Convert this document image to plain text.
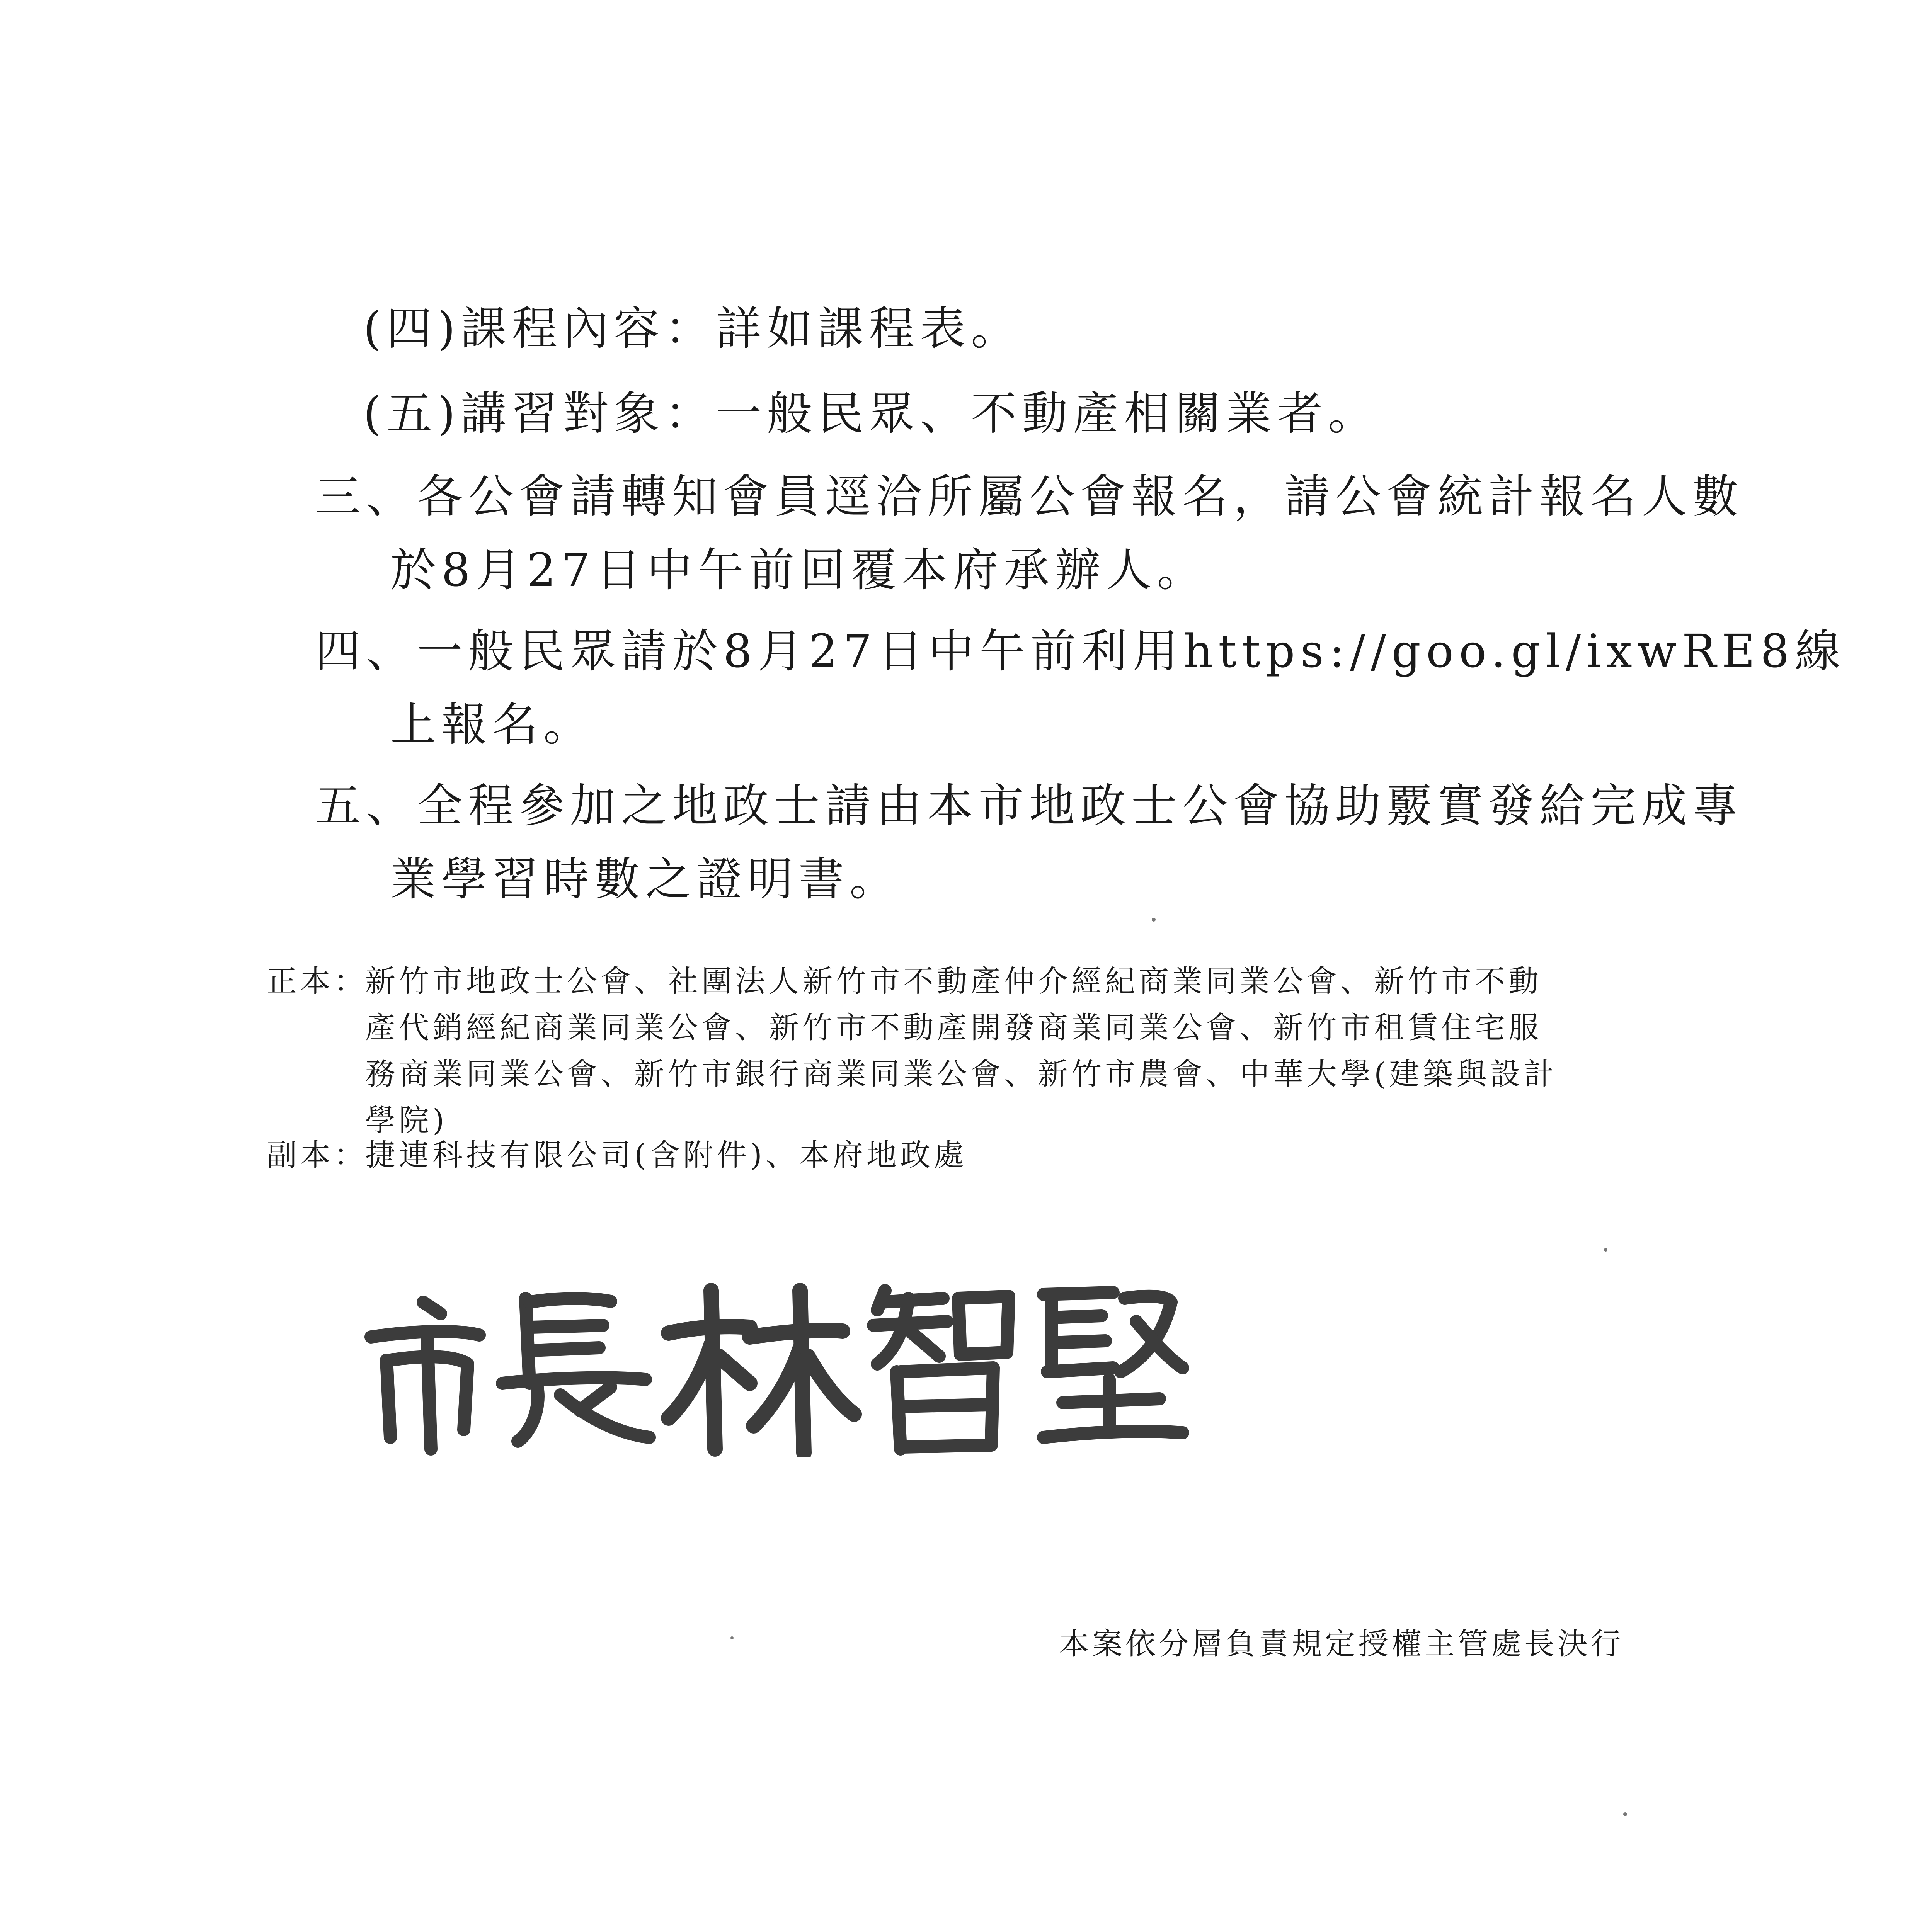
(四)課程內容：詳如課程表。
(五)講習對象：一般民眾、不動產相關業者。
三、各公會請轉知會員逕洽所屬公會報名，請公會統計報名人數
於8月27日中午前回覆本府承辦人。
四、一般民眾請於8月27日中午前利用https://goo.gl/ixwRE8線
上報名。
五、全程參加之地政士請由本市地政士公會協助覈實發給完成專
業學習時數之證明書。
正本：
新竹市地政士公會、社團法人新竹市不動產仲介經紀商業同業公會、新竹市不動
產代銷經紀商業同業公會、新竹市不動產開發商業同業公會、新竹市租賃住宅服
務商業同業公會、新竹市銀行商業同業公會、新竹市農會、中華大學(建築與設計
學院)
副本：
捷連科技有限公司(含附件)、本府地政處
本案依分層負責規定授權主管處長決行
